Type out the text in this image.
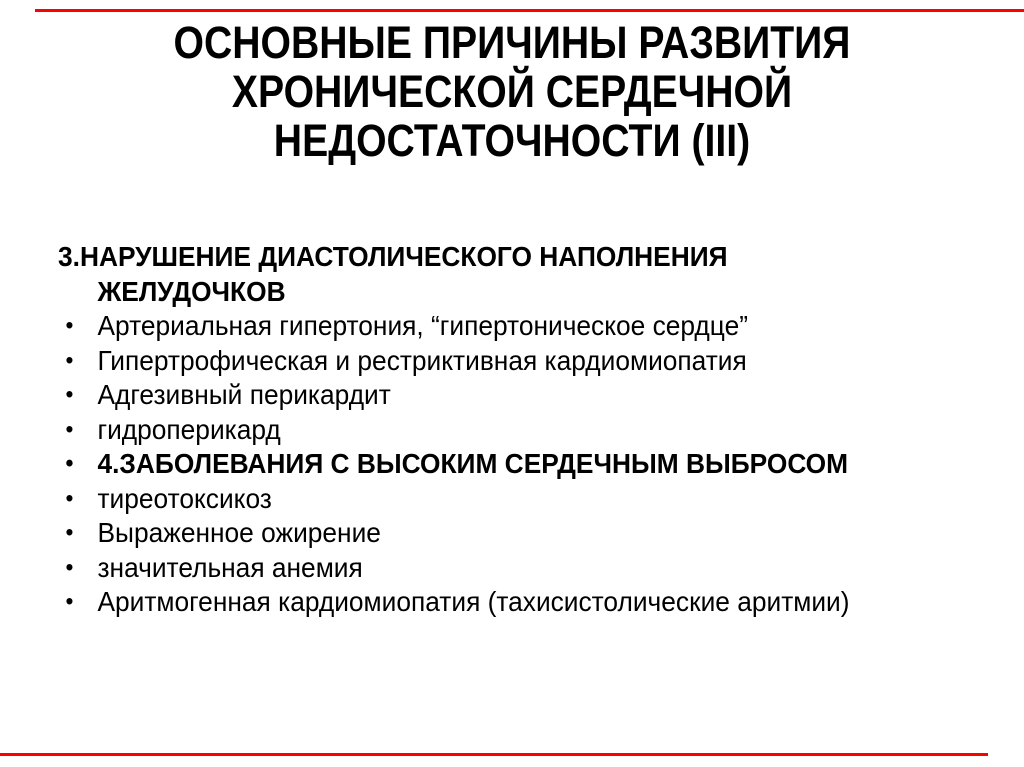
ОСНОВНЫЕ ПРИЧИНЫ РАЗВИТИЯ
ХРОНИЧЕСКОЙ СЕРДЕЧНОЙ
НЕДОСТАТОЧНОСТИ (III)
3.НАРУШЕНИЕ ДИАСТОЛИЧЕСКОГО НАПОЛНЕНИЯ
ЖЕЛУДОЧКОВ
• Артериальная гипертония, “гипертоническое сердце”
• Гипертрофическая и рестриктивная кардиомиопатия
• Адгезивный перикардит
• гидроперикард
• 4.ЗАБОЛЕВАНИЯ С ВЫСОКИМ СЕРДЕЧНЫМ ВЫБРОСОМ
• тиреотоксикоз
• Выраженное ожирение
• значительная анемия
• Аритмогенная кардиомиопатия (тахисистолические аритмии)
